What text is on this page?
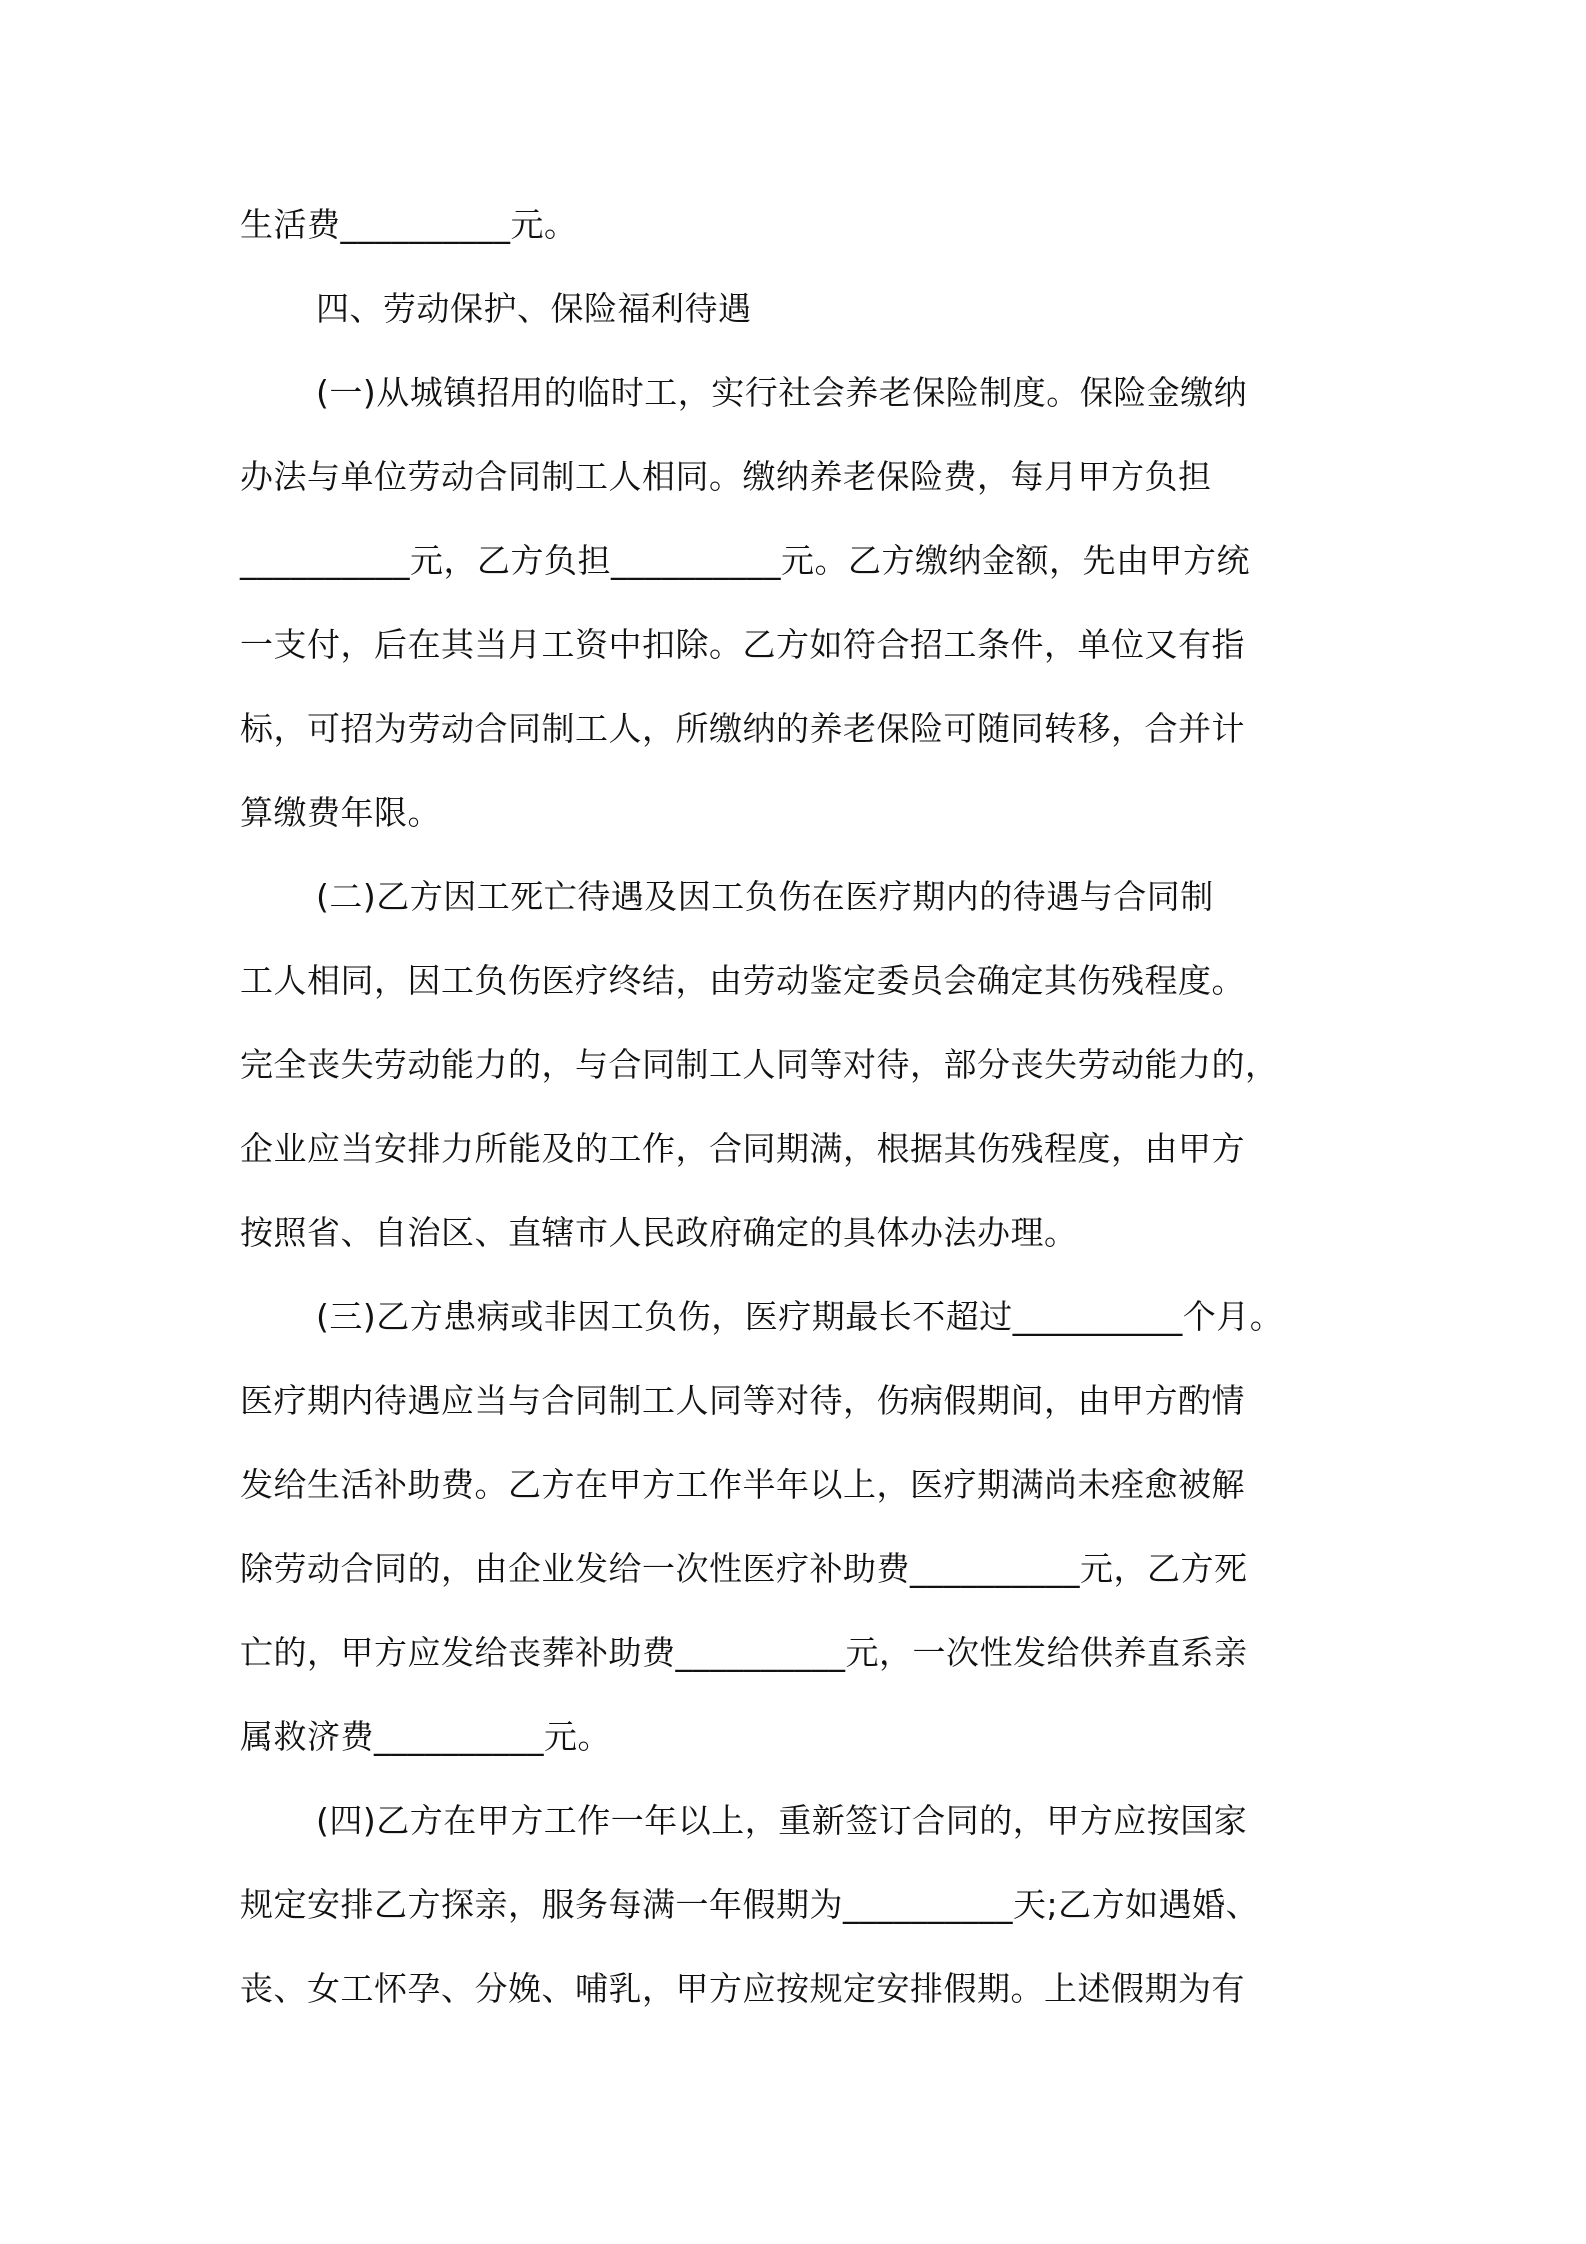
生活费__________元。
四、劳动保护、保险福利待遇
(一)从城镇招用的临时工，实行社会养老保险制度。保险金缴纳
办法与单位劳动合同制工人相同。缴纳养老保险费，每月甲方负担
__________元，乙方负担__________元。乙方缴纳金额，先由甲方统
一支付，后在其当月工资中扣除。乙方如符合招工条件，单位又有指
标，可招为劳动合同制工人，所缴纳的养老保险可随同转移，合并计
算缴费年限。
(二)乙方因工死亡待遇及因工负伤在医疗期内的待遇与合同制
工人相同，因工负伤医疗终结，由劳动鉴定委员会确定其伤残程度。
完全丧失劳动能力的，与合同制工人同等对待，部分丧失劳动能力的，
企业应当安排力所能及的工作，合同期满，根据其伤残程度，由甲方
按照省、自治区、直辖市人民政府确定的具体办法办理。
(三)乙方患病或非因工负伤，医疗期最长不超过__________个月。
医疗期内待遇应当与合同制工人同等对待，伤病假期间，由甲方酌情
发给生活补助费。乙方在甲方工作半年以上，医疗期满尚未痊愈被解
除劳动合同的，由企业发给一次性医疗补助费__________元，乙方死
亡的，甲方应发给丧葬补助费__________元，一次性发给供养直系亲
属救济费__________元。
(四)乙方在甲方工作一年以上，重新签订合同的，甲方应按国家
规定安排乙方探亲，服务每满一年假期为__________天;乙方如遇婚、
丧、女工怀孕、分娩、哺乳，甲方应按规定安排假期。上述假期为有
